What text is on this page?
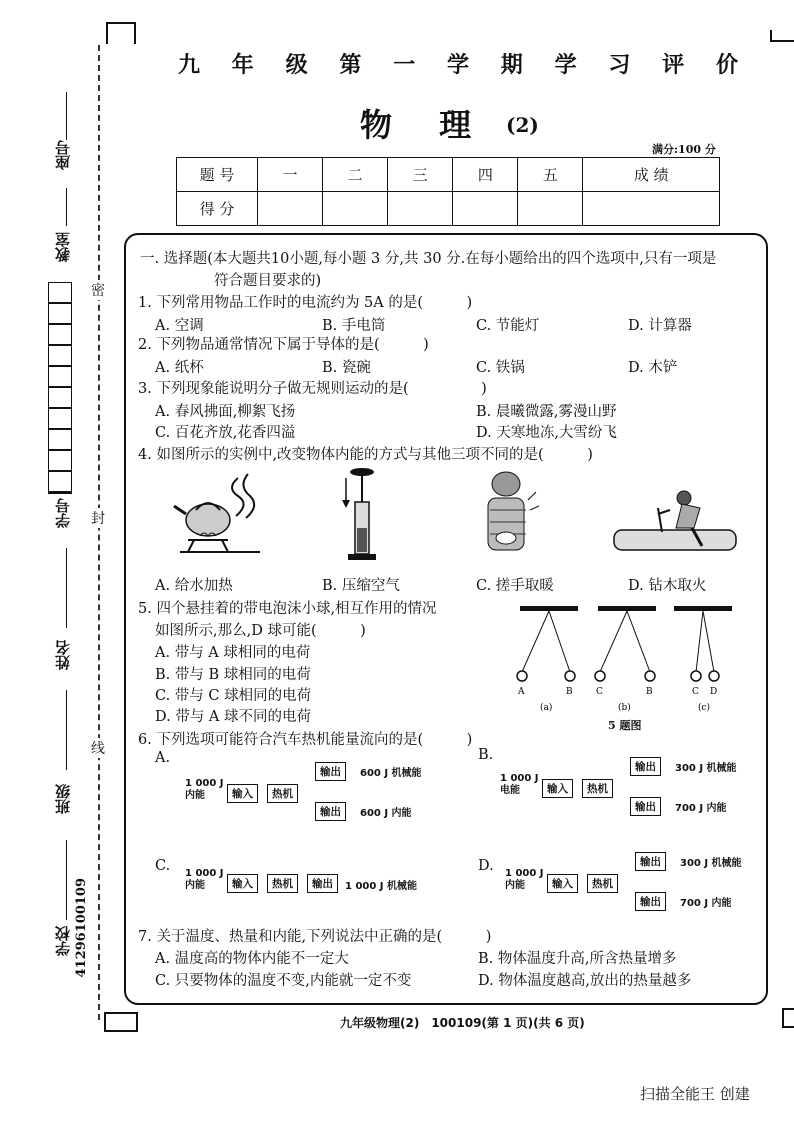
座号
教室
学号
姓名
班级
41296100109
学校
密
封
线
九 年 级 第 一 学 期 学 习 评 价
物 理 (2)
满分:100 分
题 号	一	二	三	四	五	成 绩
得 分						
一. 选择题(本大题共10小题,每小题 3 分,共 30 分.在每小题给出的四个选项中,只有一项是
符合题目要求的)
1. 下列常用物品工作时的电流约为 5A 的是(　　　)
A. 空调	B. 手电筒	C. 节能灯	D. 计算器
2. 下列物品通常情况下属于导体的是(　　　)
A. 纸杯	B. 瓷碗	C. 铁锅	D. 木铲
3. 下列现象能说明分子做无规则运动的是(　　　　　)
A. 春风拂面,柳絮飞扬	B. 晨曦微露,雾漫山野
C. 百花齐放,花香四溢	D. 天寒地冻,大雪纷飞
4. 如图所示的实例中,改变物体内能的方式与其他三项不同的是(　　　)
A. 给水加热	B. 压缩空气	C. 搓手取暖	D. 钻木取火
5. 四个悬挂着的带电泡沫小球,相互作用的情况
如图所示,那么,D 球可能(　　　)
A. 带与 A 球相同的电荷
B. 带与 B 球相同的电荷
C. 带与 C 球相同的电荷
D. 带与 A 球不同的电荷
A	B	C	B	C D
(a)	(b)	(c)
5 题图
6. 下列选项可能符合汽车热机能量流向的是(　　　)
A.	B.
C.	D.
1 000 J
内能	输入	热机
输出
输出
600 J 机械能
600 J 内能
1 000 J
电能	输入	热机
输出
输出
300 J 机械能
700 J 内能
1 000 J
内能	输入	热机	输出	1 000 J 机械能
1 000 J
内能	输入	热机
输出
输出
300 J 机械能
700 J 内能
7. 关于温度、热量和内能,下列说法中正确的是(　　　)
A. 温度高的物体内能不一定大	B. 物体温度升高,所含热量增多
C. 只要物体的温度不变,内能就一定不变	D. 物体温度越高,放出的热量越多
九年级物理(2)　100109(第 1 页)(共 6 页)
扫描全能王 创建
